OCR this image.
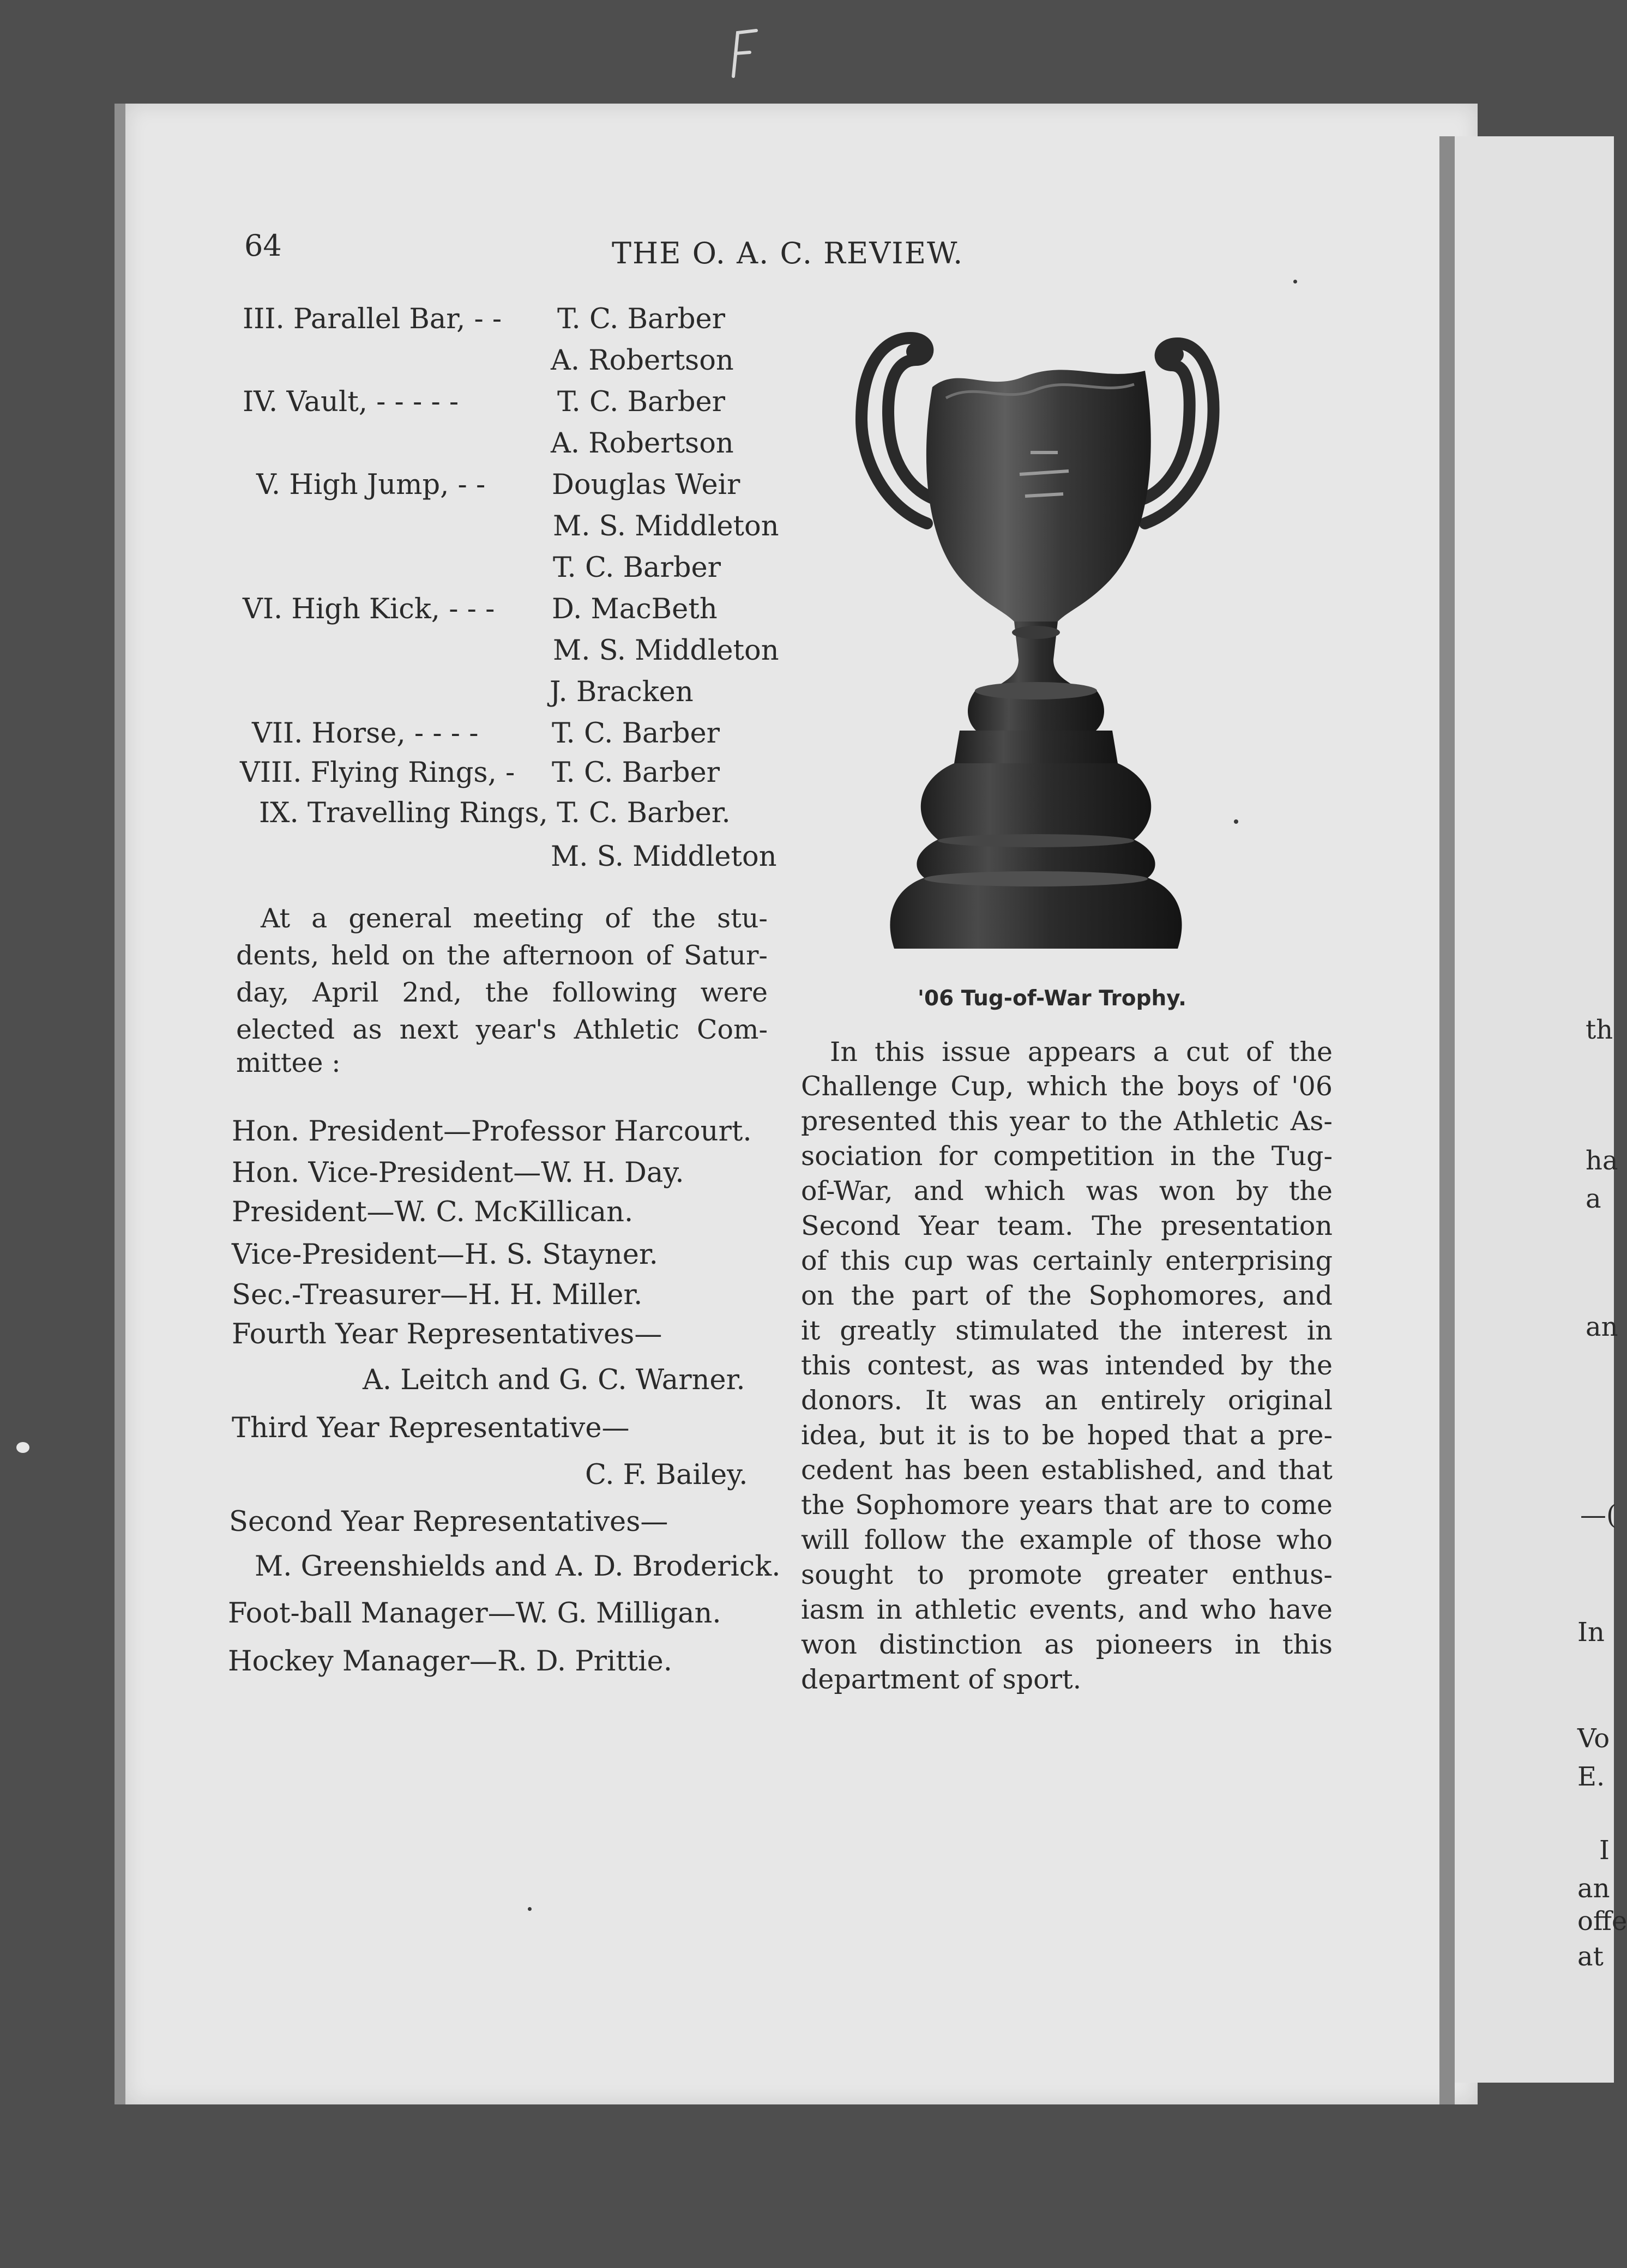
th
ha
a
an
—(
In
Vo
E.
I
an
offe
at
64	THE O. A. C. REVIEW.
III. Parallel Bar, - - T. C. Barber
A. Robertson
IV. Vault, - - - - -	T. C. Barber
A. Robertson
V. High Jump, - - Douglas Weir
M. S. Middleton
T. C. Barber
VI. High Kick, - - - D. MacBeth
M. S. Middleton
J. Bracken
VII. Horse, - - - -	T. C. Barber
VIII. Flying Rings, - T. C. Barber
IX. Travelling Rings, T. C. Barber.
M. S. Middleton
At a general meeting of the stu-
dents, held on the afternoon of Satur-
day, April 2nd, the following were
elected as next year's Athletic Com-
mittee :
Hon. President—Professor Harcourt.
Hon. Vice-President—W. H. Day.
President—W. C. McKillican.
Vice-President—H. S. Stayner.
Sec.-Treasurer—H. H. Miller.
Fourth Year Representatives—
A. Leitch and G. C. Warner.
Third Year Representative—
C. F. Bailey.
Second Year Representatives—
M. Greenshields and A. D. Broderick.
Foot-ball Manager—W. G. Milligan.
Hockey Manager—R. D. Prittie.
'06 Tug-of-War Trophy.
In this issue appears a cut of the
Challenge Cup, which the boys of '06
presented this year to the Athletic As-
sociation for competition in the Tug-
of-War, and which was won by the
Second Year team. The presentation
of this cup was certainly enterprising
on the part of the Sophomores, and
it greatly stimulated the interest in
this contest, as was intended by the
donors. It was an entirely original
idea, but it is to be hoped that a pre-
cedent has been established, and that
the Sophomore years that are to come
will follow the example of those who
sought to promote greater enthus-
iasm in athletic events, and who have
won distinction as pioneers in this
department of sport.
